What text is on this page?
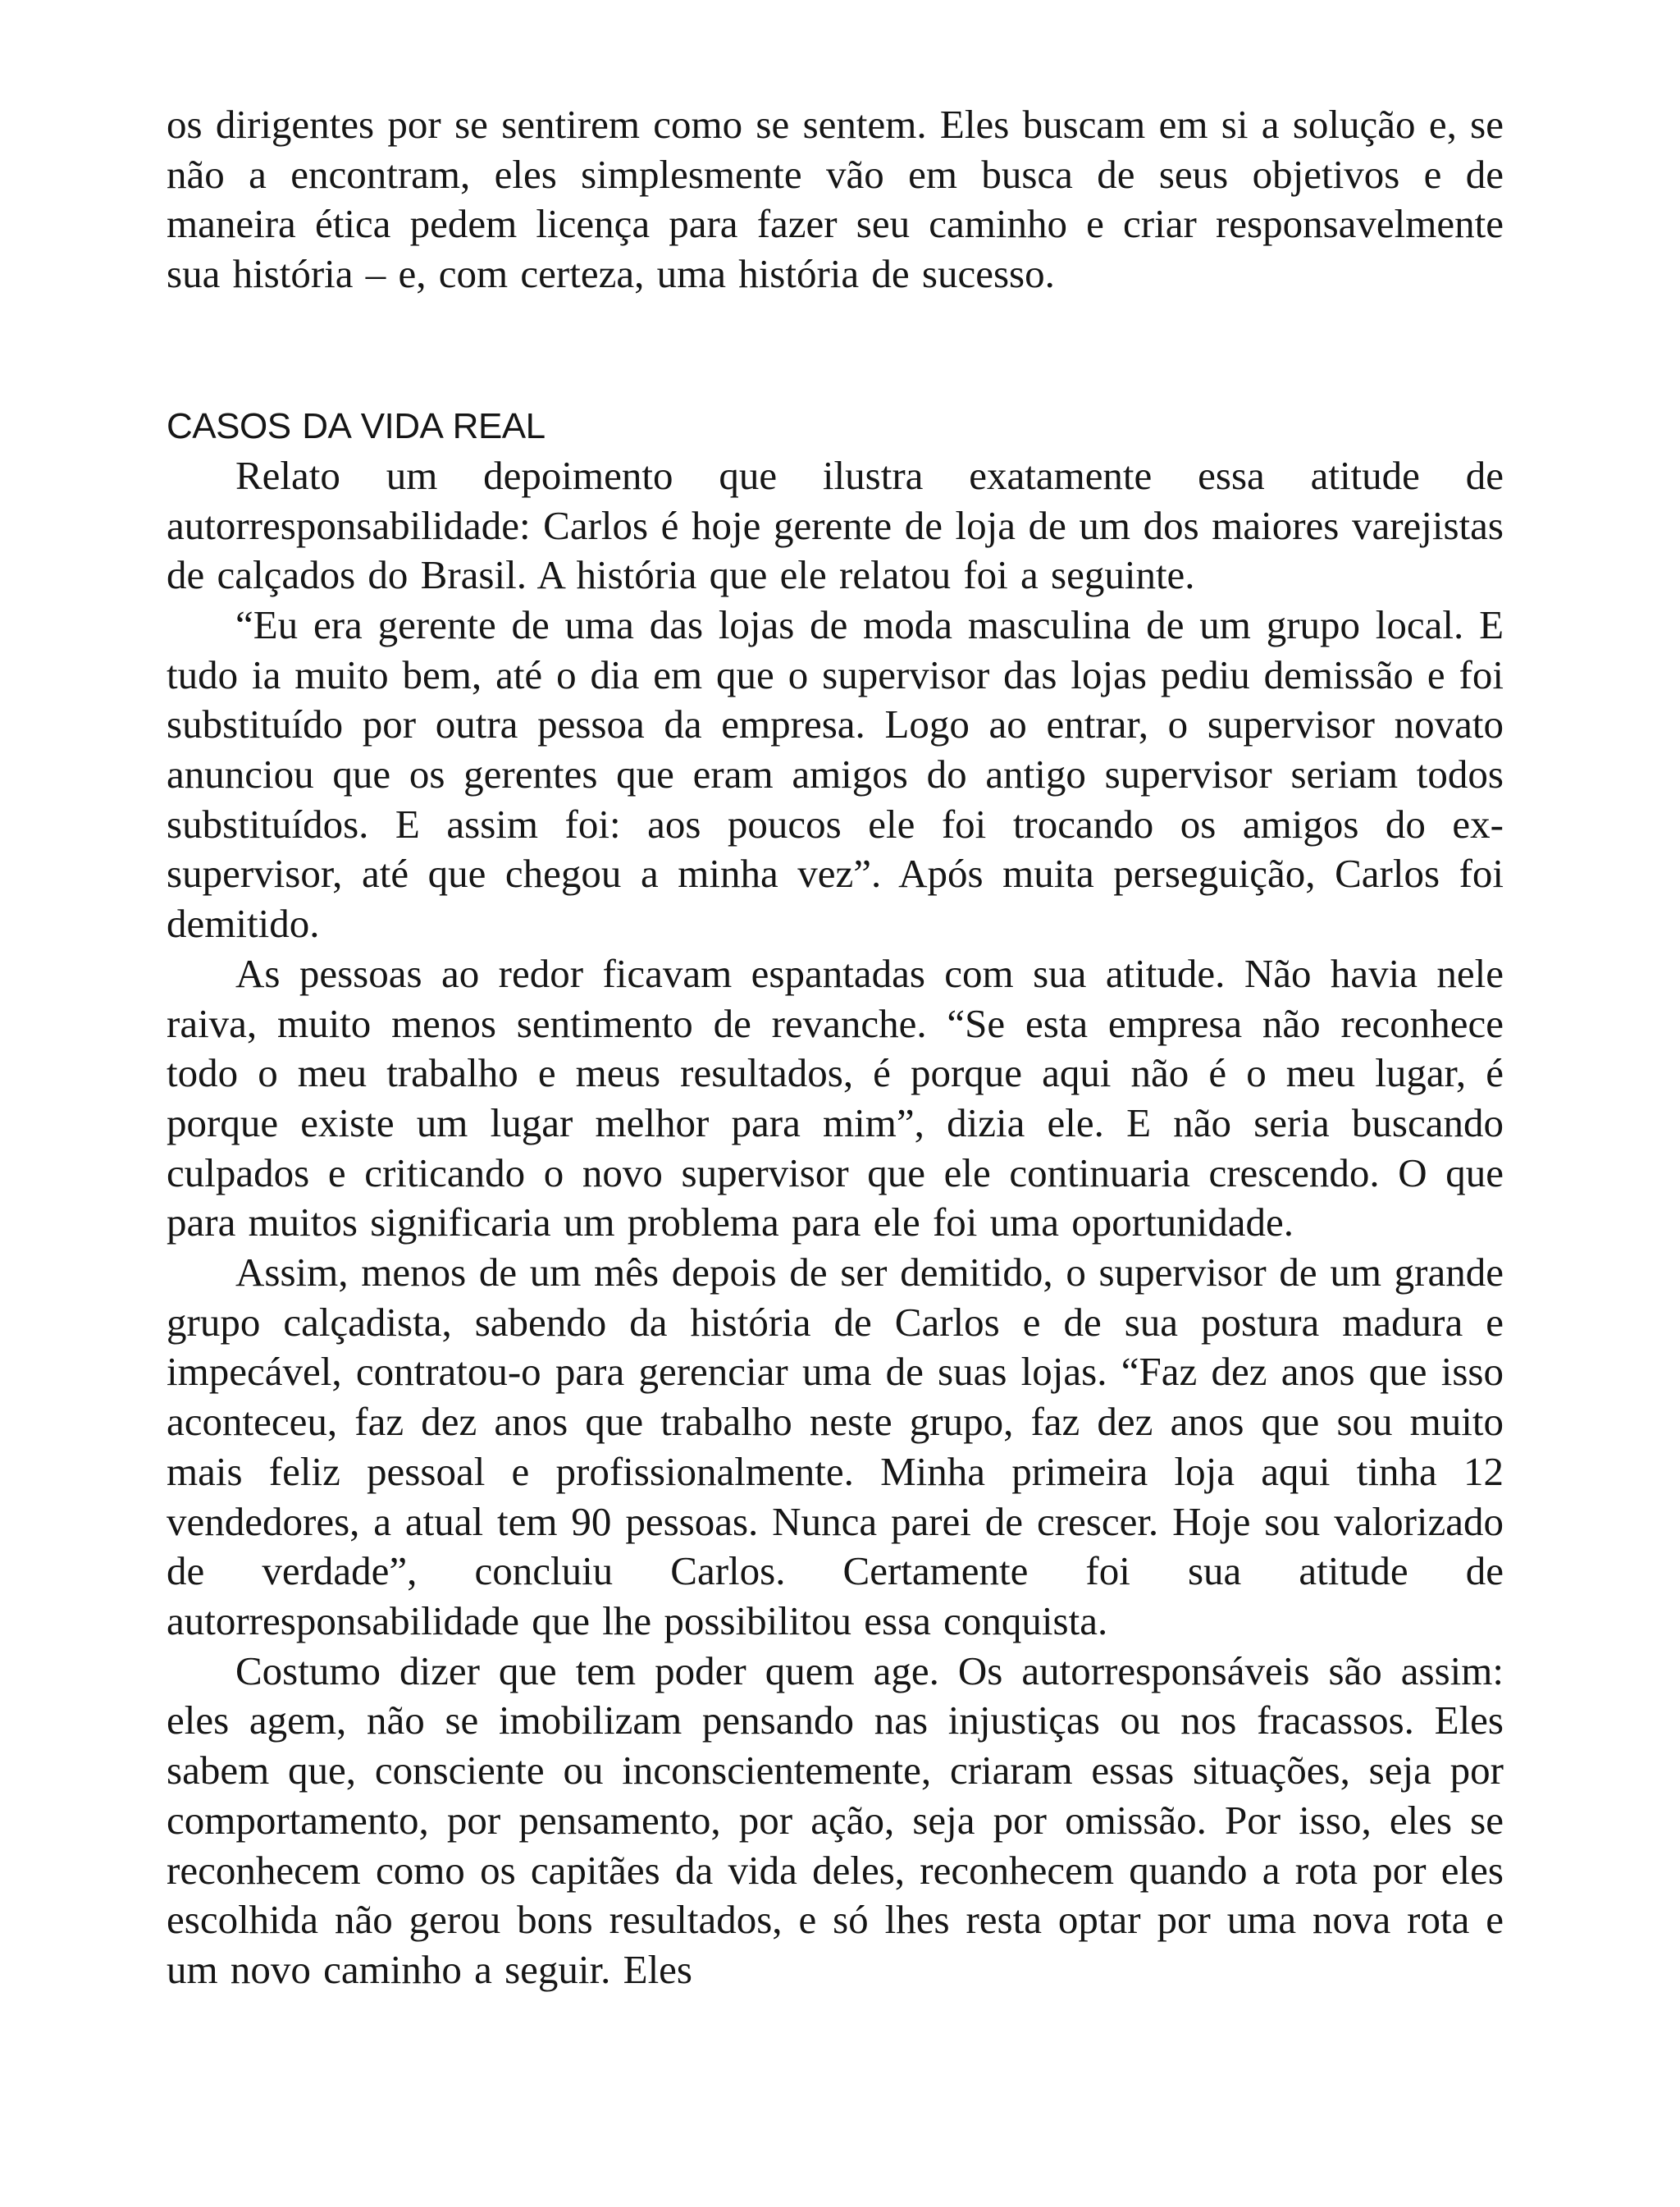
os dirigentes por se sentirem como se sentem. Eles buscam em si a solução e, se não a encontram, eles simplesmente vão em busca de seus objetivos e de maneira ética pedem licença para fazer seu caminho e criar responsavelmente sua história – e, com certeza, uma história de sucesso.

CASOS DA VIDA REAL

Relato um depoimento que ilustra exatamente essa atitude de autorresponsabilidade: Carlos é hoje gerente de loja de um dos maiores varejistas de calçados do Brasil. A história que ele relatou foi a seguinte.

“Eu era gerente de uma das lojas de moda masculina de um grupo local. E tudo ia muito bem, até o dia em que o supervisor das lojas pediu demissão e foi substituído por outra pessoa da empresa. Logo ao entrar, o supervisor novato anunciou que os gerentes que eram amigos do antigo supervisor seriam todos substituídos. E assim foi: aos poucos ele foi trocando os amigos do ex-supervisor, até que chegou a minha vez”. Após muita perseguição, Carlos foi demitido.

As pessoas ao redor ficavam espantadas com sua atitude. Não havia nele raiva, muito menos sentimento de revanche. “Se esta empresa não reconhece todo o meu trabalho e meus resultados, é porque aqui não é o meu lugar, é porque existe um lugar melhor para mim”, dizia ele. E não seria buscando culpados e criticando o novo supervisor que ele continuaria crescendo. O que para muitos significaria um problema para ele foi uma oportunidade.

Assim, menos de um mês depois de ser demitido, o supervisor de um grande grupo calçadista, sabendo da história de Carlos e de sua postura madura e impecável, contratou-o para gerenciar uma de suas lojas. “Faz dez anos que isso aconteceu, faz dez anos que trabalho neste grupo, faz dez anos que sou muito mais feliz pessoal e profissionalmente. Minha primeira loja aqui tinha 12 vendedores, a atual tem 90 pessoas. Nunca parei de crescer. Hoje sou valorizado de verdade”, concluiu Carlos. Certamente foi sua atitude de autorresponsabilidade que lhe possibilitou essa conquista.

Costumo dizer que tem poder quem age. Os autorresponsáveis são assim: eles agem, não se imobilizam pensando nas injustiças ou nos fracassos. Eles sabem que, consciente ou inconscientemente, criaram essas situações, seja por comportamento, por pensamento, por ação, seja por omissão. Por isso, eles se reconhecem como os capitães da vida deles, reconhecem quando a rota por eles escolhida não gerou bons resultados, e só lhes resta optar por uma nova rota e um novo caminho a seguir. Eles
